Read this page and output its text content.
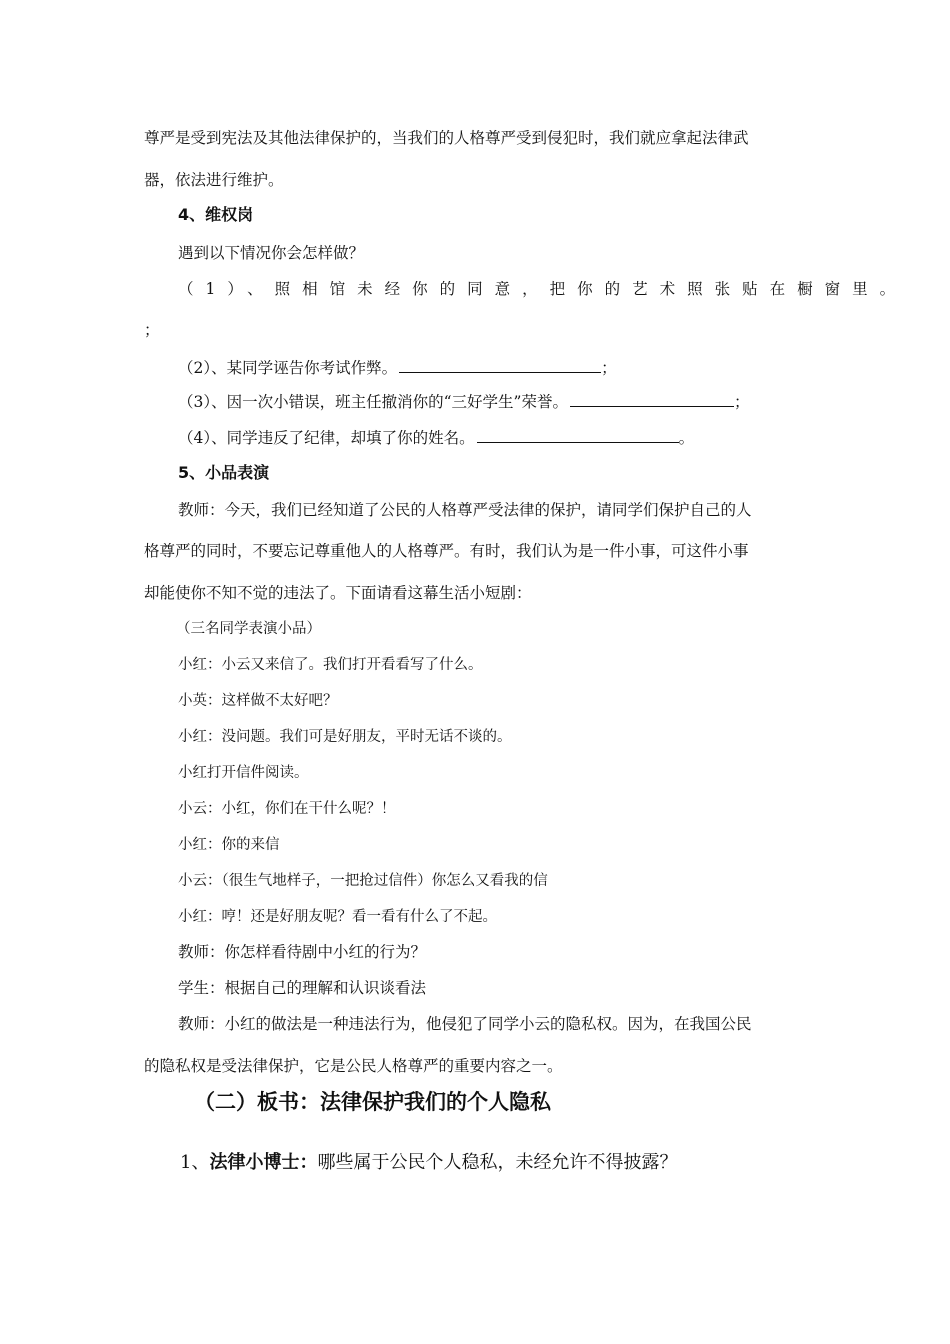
尊严是受到宪法及其他法律保护的，当我们的人格尊严受到侵犯时，我们就应拿起法律武
器，依法进行维护。
4、维权岗
遇到以下情况你会怎样做？
（1）、照相馆未经你的同意，把你的艺术照张贴在橱窗里。
；
（2）、某同学诬告你考试作弊。	；
（3）、因一次小错误，班主任撤消你的“三好学生”荣誉。	；
（4）、同学违反了纪律，却填了你的姓名。	。
5、小品表演
教师：今天，我们已经知道了公民的人格尊严受法律的保护，请同学们保护自己的人
格尊严的同时，不要忘记尊重他人的人格尊严。有时，我们认为是一件小事，可这件小事
却能使你不知不觉的违法了。下面请看这幕生活小短剧：
（三名同学表演小品）
小红：小云又来信了。我们打开看看写了什么。
小英：这样做不太好吧？
小红：没问题。我们可是好朋友，平时无话不谈的。
小红打开信件阅读。
小云：小红，你们在干什么呢？！
小红：你的来信
小云：（很生气地样子，一把抢过信件）你怎么又看我的信
小红：哼！还是好朋友呢？看一看有什么了不起。
教师：你怎样看待剧中小红的行为？
学生：根据自己的理解和认识谈看法
教师：小红的做法是一种违法行为，他侵犯了同学小云的隐私权。因为，在我国公民
的隐私权是受法律保护，它是公民人格尊严的重要内容之一。
（二）板书：法律保护我们的个人隐私
1、法律小博士：哪些属于公民个人稳私，未经允许不得披露？
